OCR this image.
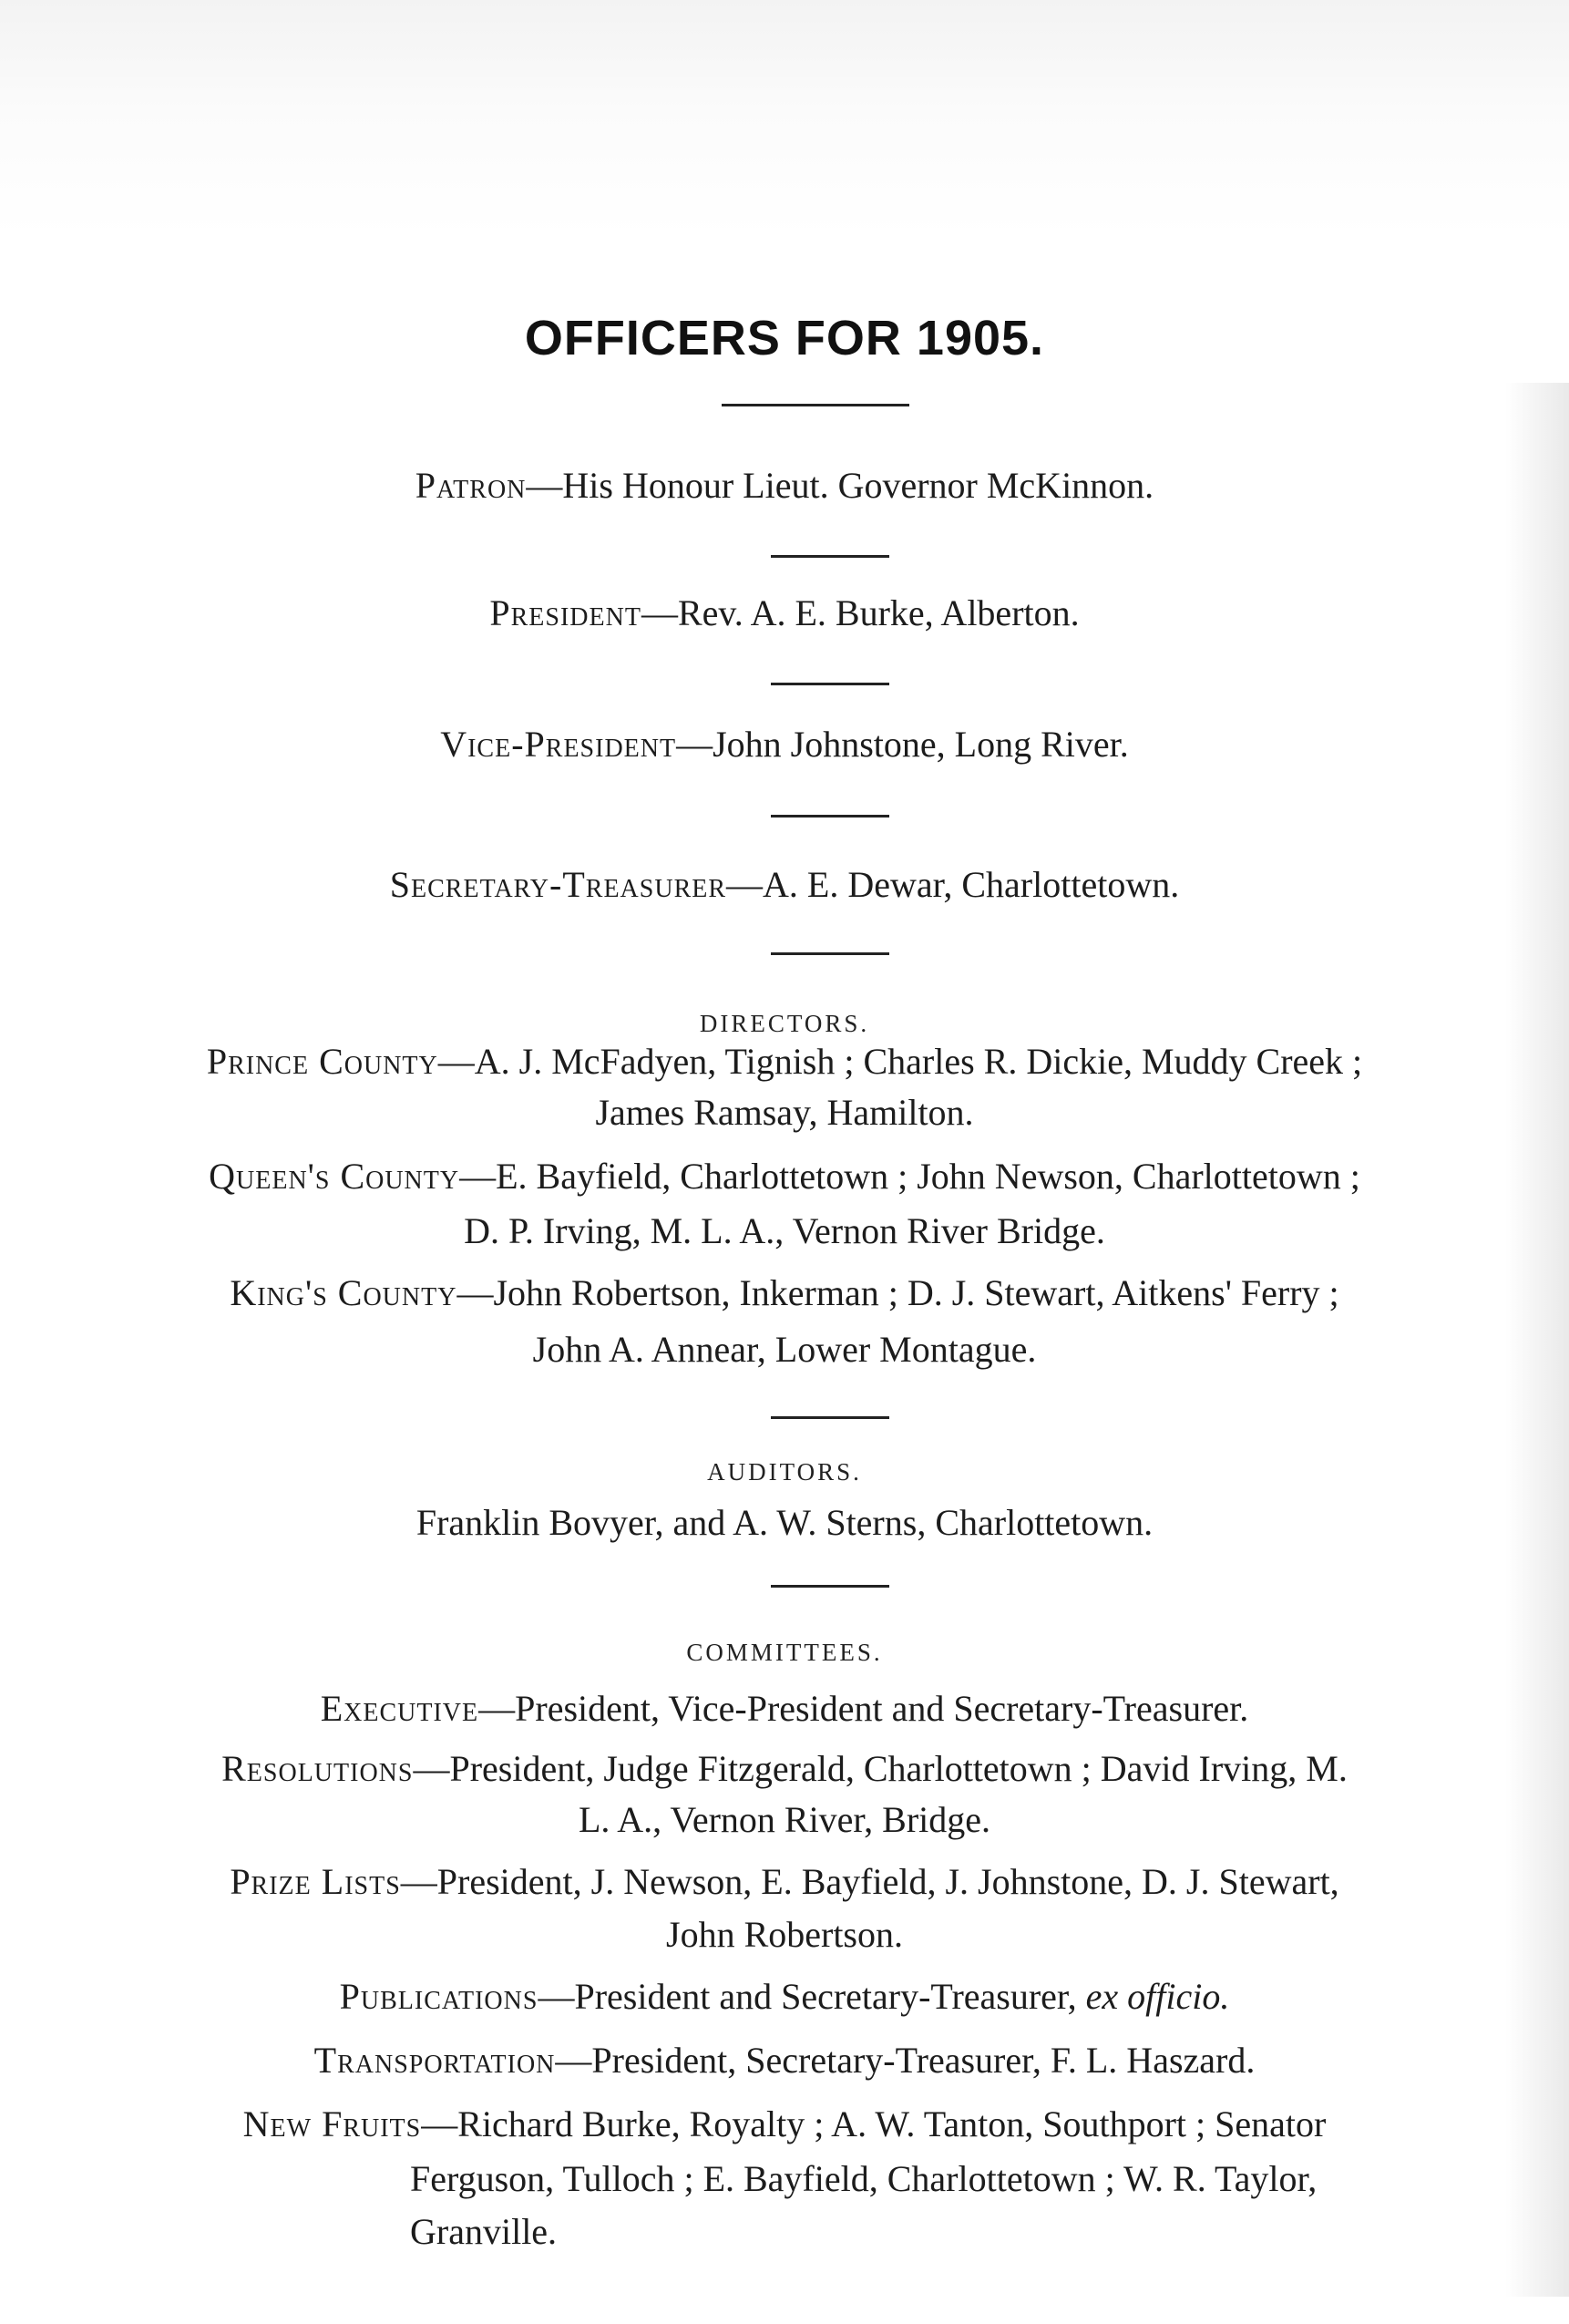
OFFICERS FOR 1905.
Patron—His Honour Lieut. Governor McKinnon.
President—Rev. A. E. Burke, Alberton.
Vice-President—John Johnstone, Long River.
Secretary-Treasurer—A. E. Dewar, Charlottetown.
DIRECTORS.
Prince County—A. J. McFadyen, Tignish ; Charles R. Dickie, Muddy Creek ;
James Ramsay, Hamilton.
Queen's County—E. Bayfield, Charlottetown ; John Newson, Charlottetown ;
D. P. Irving, M. L. A., Vernon River Bridge.
King's County—John Robertson, Inkerman ; D. J. Stewart, Aitkens' Ferry ;
John A. Annear, Lower Montague.
AUDITORS.
Franklin Bovyer, and A. W. Sterns, Charlottetown.
COMMITTEES.
Executive—President, Vice-President and Secretary-Treasurer.
Resolutions—President, Judge Fitzgerald, Charlottetown ; David Irving, M.
L. A., Vernon River, Bridge.
Prize Lists—President, J. Newson, E. Bayfield, J. Johnstone, D. J. Stewart,
John Robertson.
Publications—President and Secretary-Treasurer, ex officio.
Transportation—President, Secretary-Treasurer, F. L. Haszard.
New Fruits—Richard Burke, Royalty ; A. W. Tanton, Southport ; Senator
Ferguson, Tulloch ; E. Bayfield, Charlottetown ; W. R. Taylor,
Granville.
